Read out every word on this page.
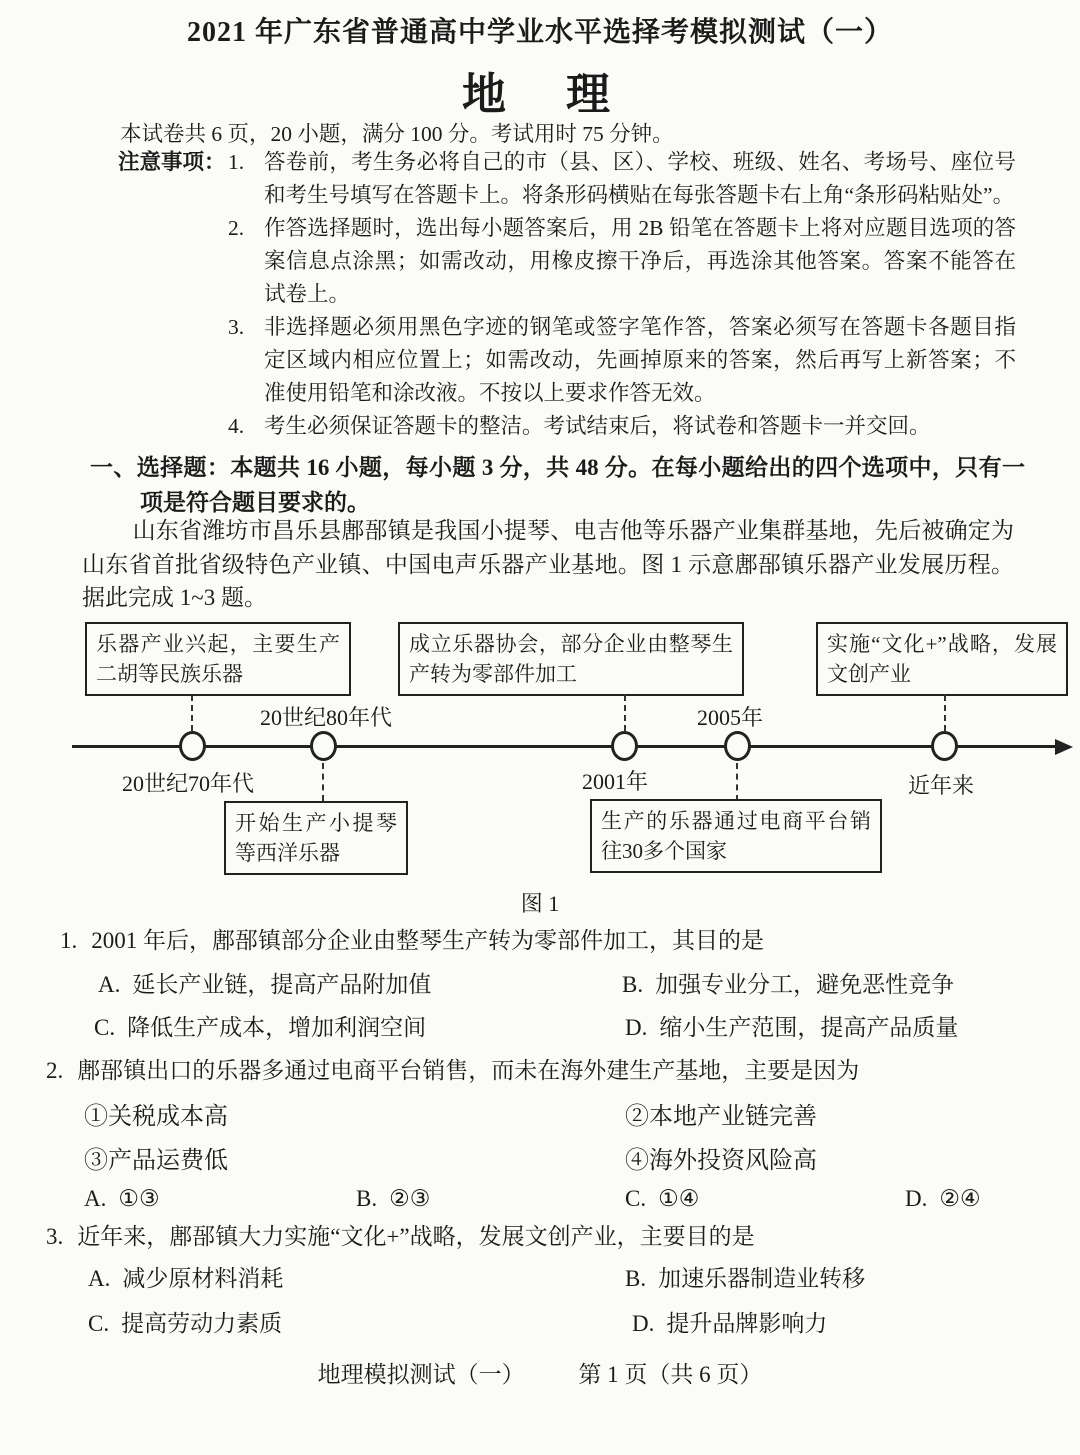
2021 年广东省普通高中学业水平选择考模拟测试（一）
地　理
本试卷共 6 页，20 小题，满分 100 分。考试用时 75 分钟。
注意事项： 1. 答卷前，考生务必将自己的市（县、区）、学校、班级、姓名、考场号、座位号和考生号填写在答题卡上。将条形码横贴在每张答题卡右上角“条形码粘贴处”。
2. 作答选择题时，选出每小题答案后，用 2B 铅笔在答题卡上将对应题目选项的答案信息点涂黑；如需改动，用橡皮擦干净后，再选涂其他答案。答案不能答在试卷上。
3. 非选择题必须用黑色字迹的钢笔或签字笔作答，答案必须写在答题卡各题目指定区域内相应位置上；如需改动，先画掉原来的答案，然后再写上新答案；不准使用铅笔和涂改液。不按以上要求作答无效。
4. 考生必须保证答题卡的整洁。考试结束后，将试卷和答题卡一并交回。
一、选择题：本题共 16 小题，每小题 3 分，共 48 分。在每小题给出的四个选项中，只有一项是符合题目要求的。
山东省潍坊市昌乐县鄌郚镇是我国小提琴、电吉他等乐器产业集群基地，先后被确定为山东省首批省级特色产业镇、中国电声乐器产业基地。图 1 示意鄌郚镇乐器产业发展历程。据此完成 1~3 题。
乐器产业兴起，主要生产二胡等民族乐器
成立乐器协会，部分企业由整琴生产转为零部件加工
实施“文化+”战略，发展文创产业
20世纪70年代
20世纪80年代
2001年
2005年
近年来
开始生产小提琴等西洋乐器
生产的乐器通过电商平台销往30多个国家
图 1
1. 2001 年后，鄌郚镇部分企业由整琴生产转为零部件加工，其目的是
A. 延长产业链，提高产品附加值	B. 加强专业分工，避免恶性竞争
C. 降低生产成本，增加利润空间	D. 缩小生产范围，提高产品质量
2. 鄌郚镇出口的乐器多通过电商平台销售，而未在海外建生产基地，主要是因为
①关税成本高	②本地产业链完善
③产品运费低	④海外投资风险高
A. ①③	B. ②③	C. ①④	D. ②④
3. 近年来，鄌郚镇大力实施“文化+”战略，发展文创产业，主要目的是
A. 减少原材料消耗	B. 加速乐器制造业转移
C. 提高劳动力素质	D. 提升品牌影响力
地理模拟测试（一） 第 1 页（共 6 页）
